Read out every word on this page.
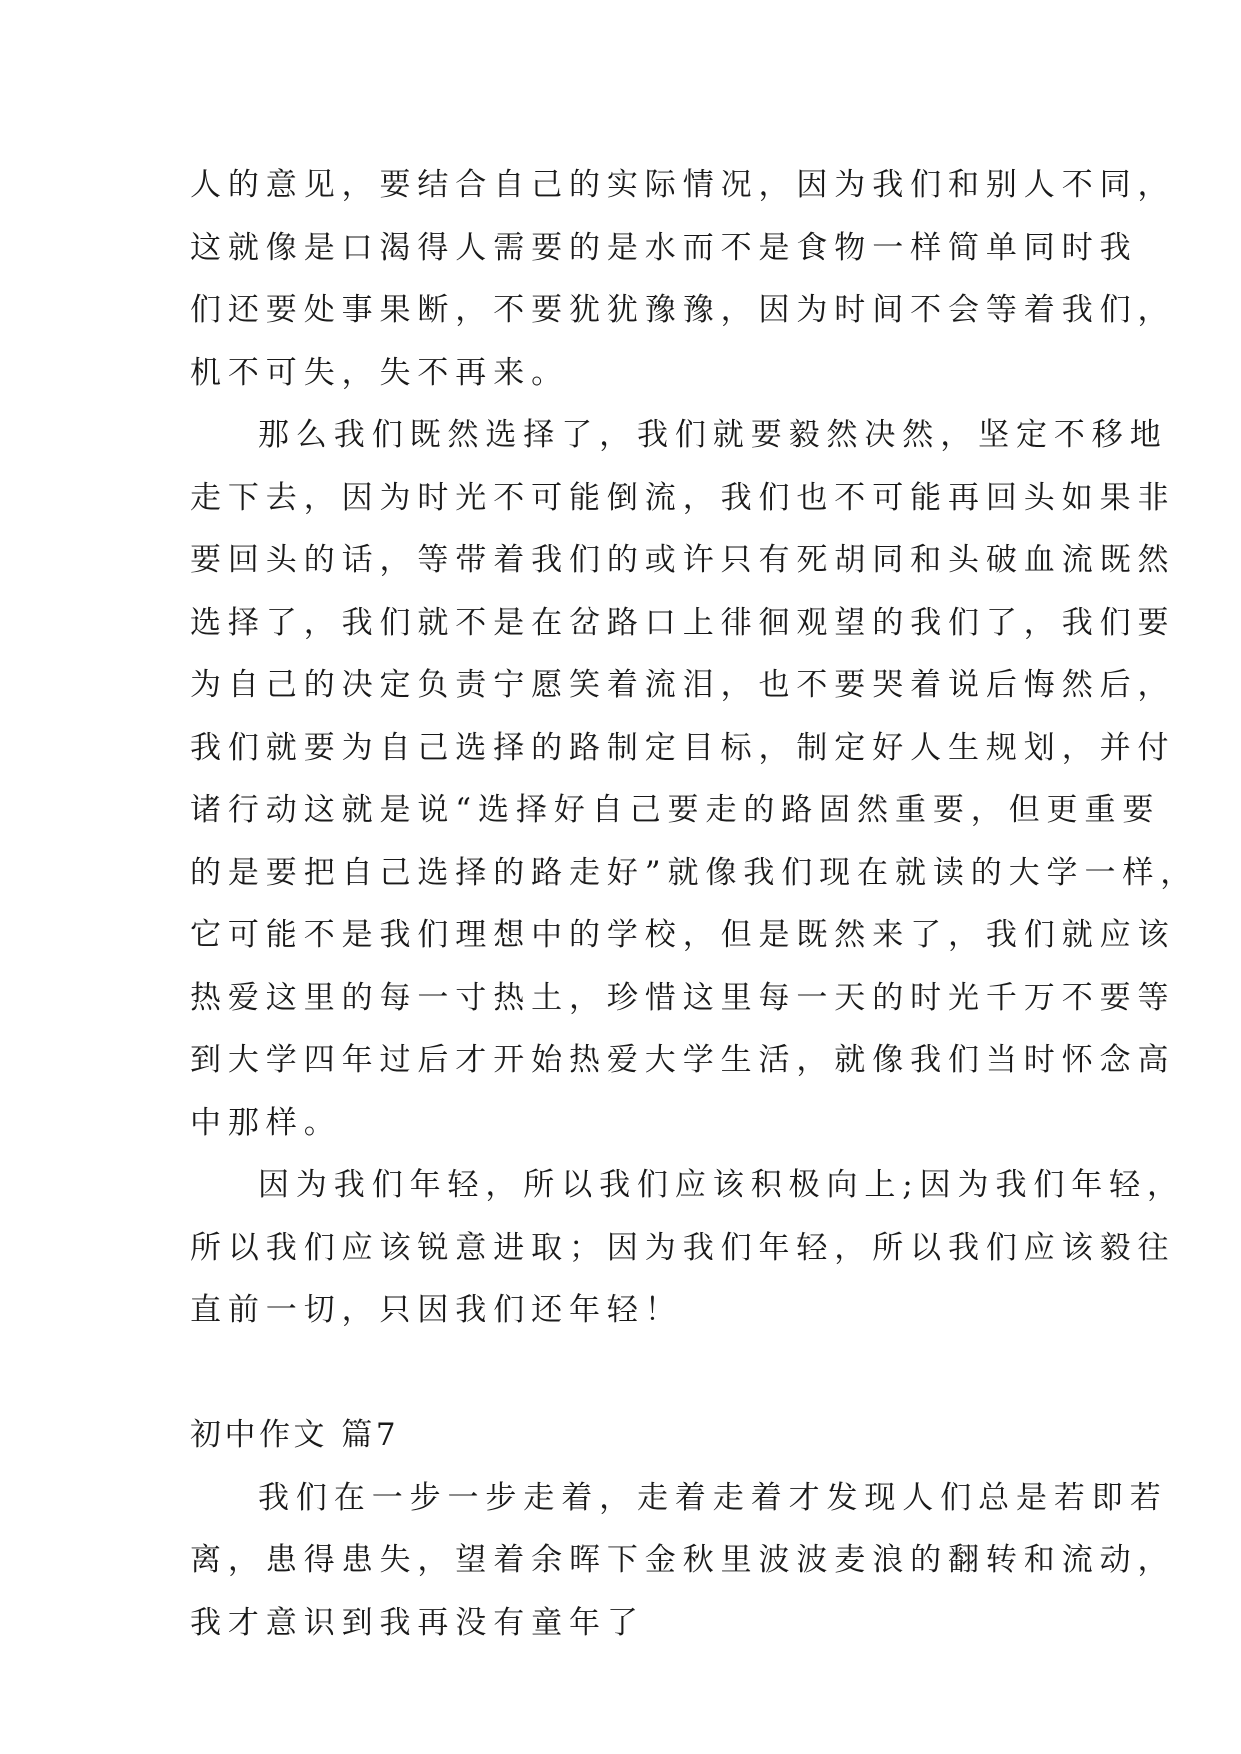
人的意见，要结合自己的实际情况，因为我们和别人不同，
这就像是口渴得人需要的是水而不是食物一样简单同时我
们还要处事果断，不要犹犹豫豫，因为时间不会等着我们，
机不可失，失不再来。
那么我们既然选择了，我们就要毅然决然，坚定不移地
走下去，因为时光不可能倒流，我们也不可能再回头如果非
要回头的话，等带着我们的或许只有死胡同和头破血流既然
选择了，我们就不是在岔路口上徘徊观望的我们了，我们要
为自己的决定负责宁愿笑着流泪，也不要哭着说后悔然后，
我们就要为自己选择的路制定目标，制定好人生规划，并付
诸行动这就是说“选择好自己要走的路固然重要，但更重要
的是要把自己选择的路走好”就像我们现在就读的大学一样，
它可能不是我们理想中的学校，但是既然来了，我们就应该
热爱这里的每一寸热土，珍惜这里每一天的时光千万不要等
到大学四年过后才开始热爱大学生活，就像我们当时怀念高
中那样。
因为我们年轻，所以我们应该积极向上;因为我们年轻，
所以我们应该锐意进取；因为我们年轻，所以我们应该毅往
直前一切，只因我们还年轻！
初中作文 篇7
我们在一步一步走着，走着走着才发现人们总是若即若
离，患得患失，望着余晖下金秋里波波麦浪的翻转和流动，
我才意识到我再没有童年了
